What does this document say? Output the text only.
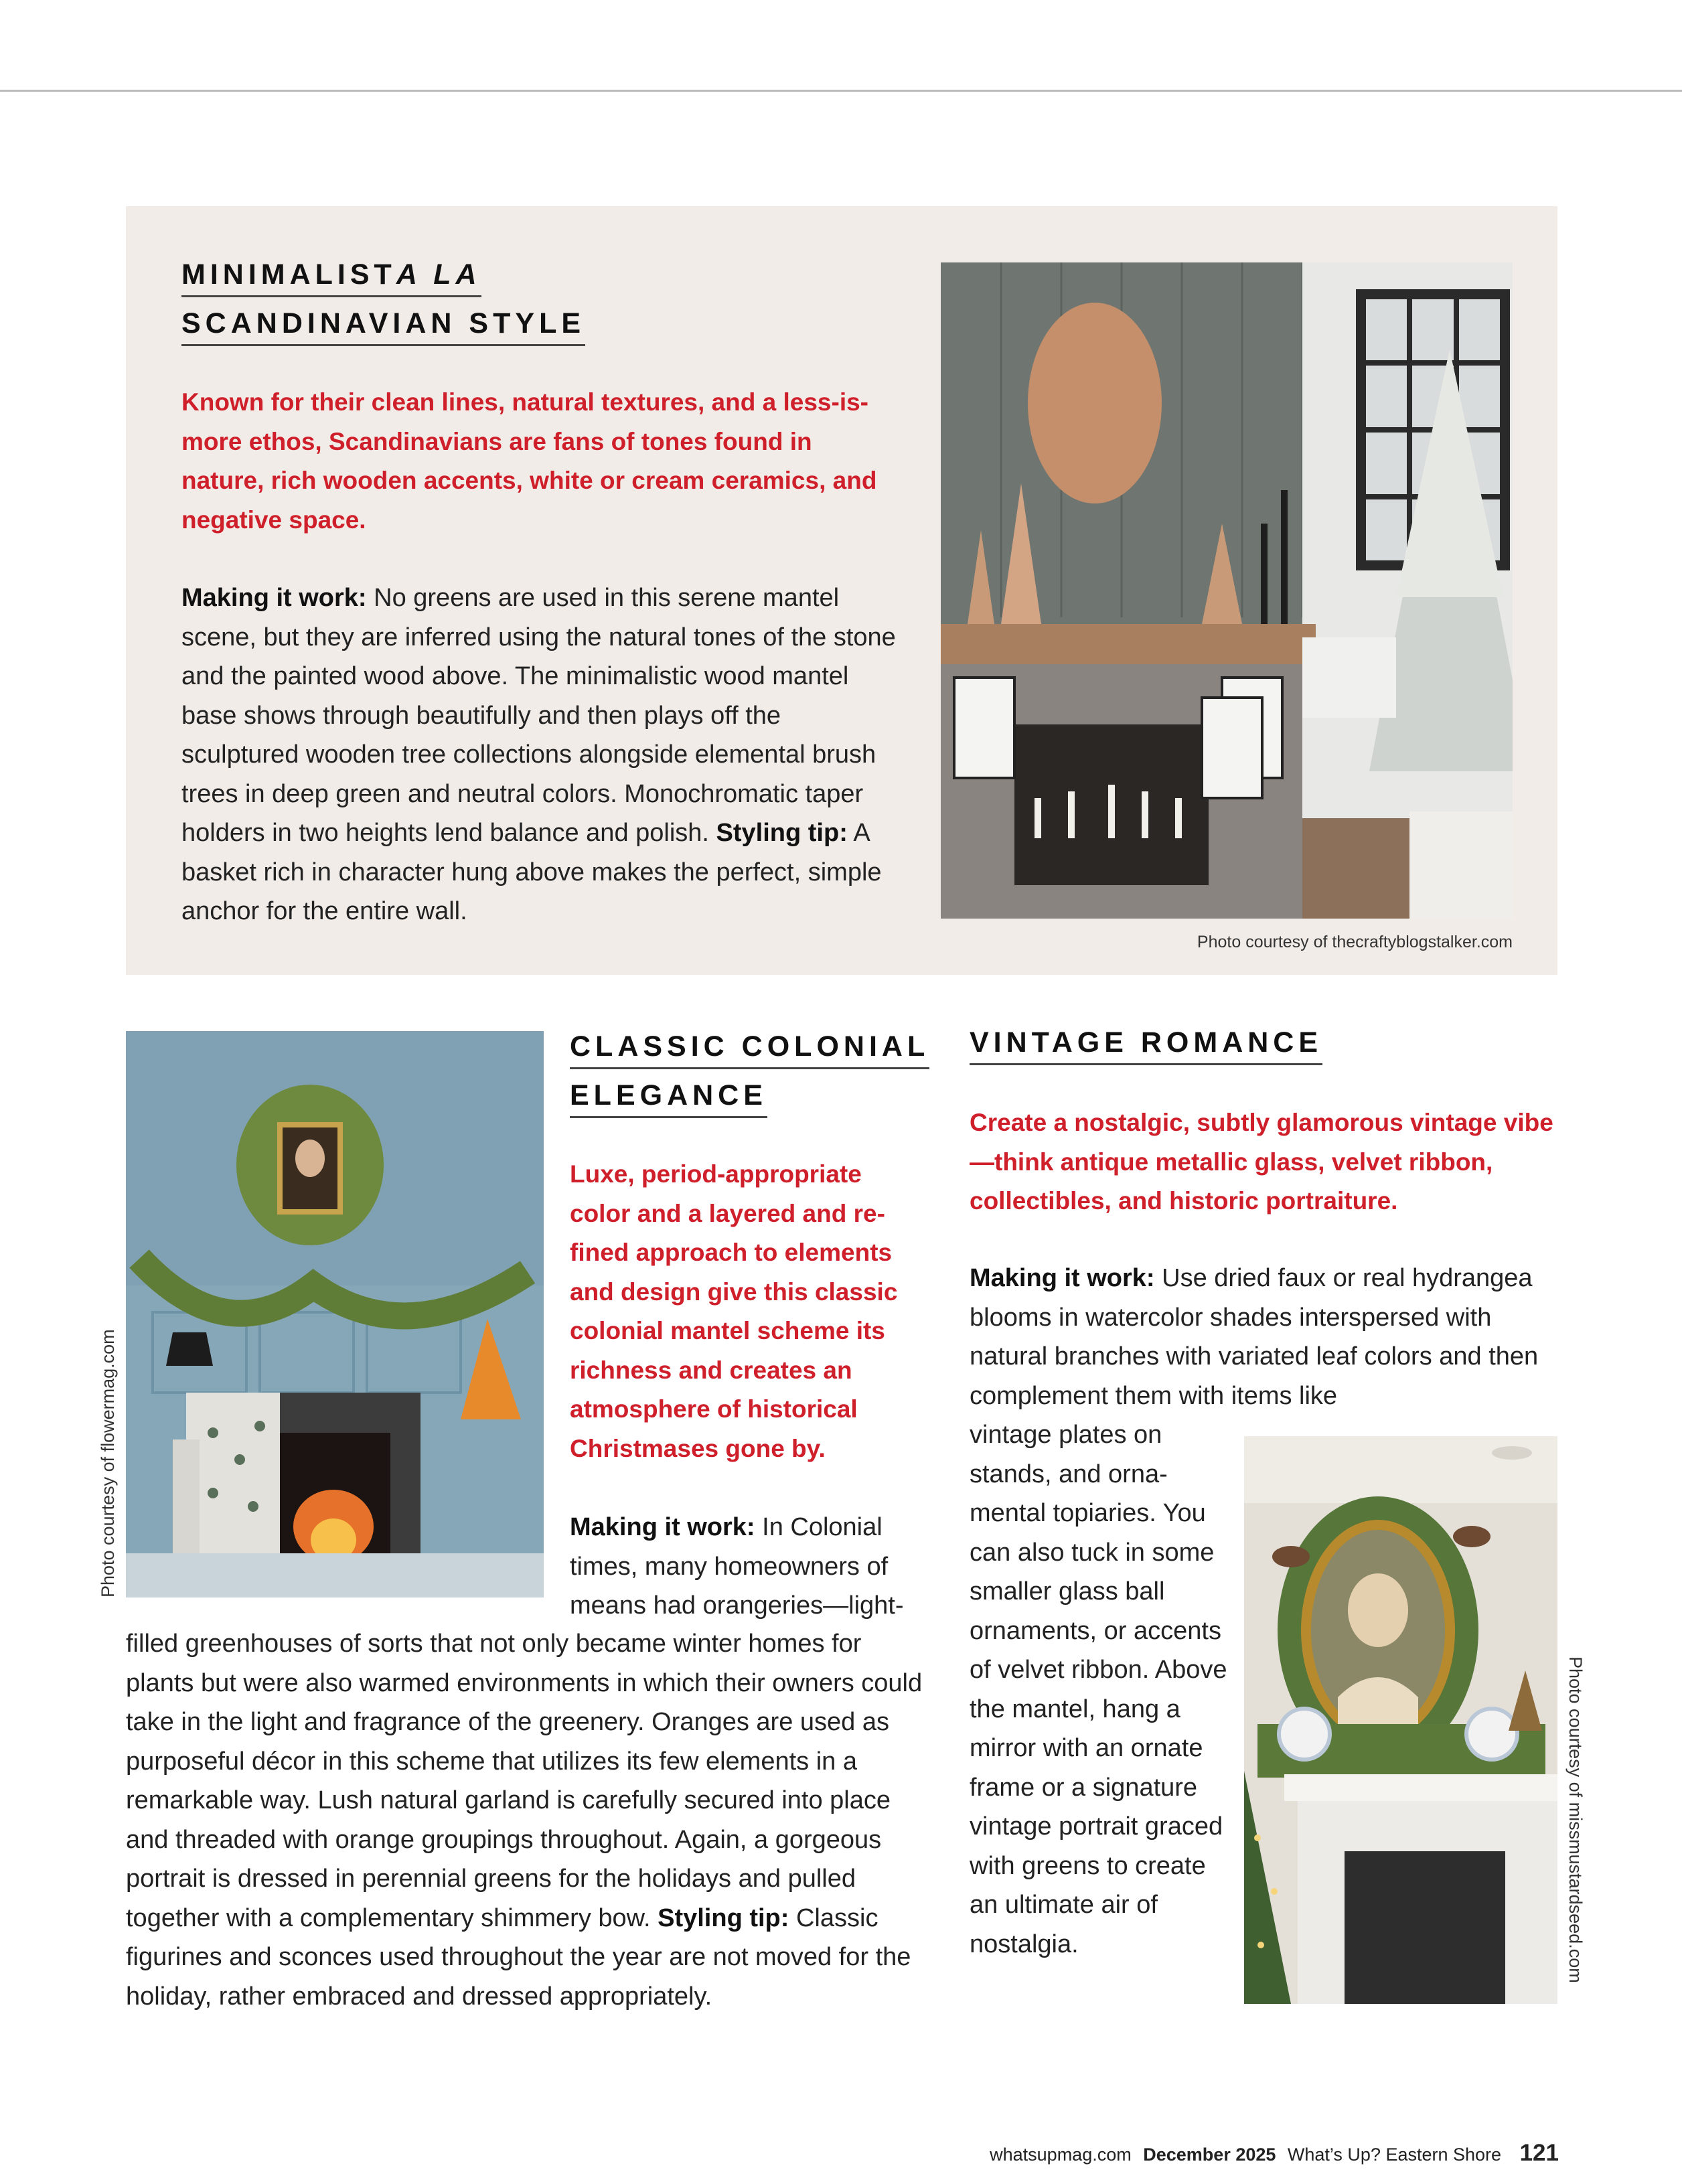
MINIMALISTA LA
SCANDINAVIAN STYLE
Known for their clean lines, natural textures, and a less-is-more ethos, Scandinavians are fans of tones found in nature, rich wooden accents, white or cream ceramics, and negative space.
Making it work: No greens are used in this serene mantel scene, but they are inferred using the natural tones of the stone and the painted wood above. The minimalistic wood mantel base shows through beautifully and then plays off the sculptured wooden tree collections alongside elemental brush trees in deep green and neutral colors. Monochromatic taper holders in two heights lend balance and polish. Styling tip: A basket rich in character hung above makes the perfect, simple anchor for the entire wall.
Photo courtesy of thecraftyblogstalker.com
Photo courtesy of flowermag.com
CLASSIC COLONIAL
ELEGANCE
Luxe, period-appropriate color and a layered and refined approach to elements and design give this classic colonial mantel scheme its richness and creates an atmosphere of historical Christmases gone by.
Making it work: In Colonial times, many homeowners of means had orangeries—light-
filled greenhouses of sorts that not only became winter homes for plants but were also warmed environments in which their owners could take in the light and fragrance of the greenery. Oranges are used as purposeful décor in this scheme that utilizes its few elements in a remarkable way. Lush natural garland is carefully secured into place and threaded with orange groupings throughout. Again, a gorgeous portrait is dressed in perennial greens for the holidays and pulled together with a complementary shimmery bow. Styling tip: Classic figurines and sconces used throughout the year are not moved for the holiday, rather embraced and dressed appropriately.
VINTAGE ROMANCE
Create a nostalgic, subtly glamorous vintage vibe—think antique metallic glass, velvet ribbon, collectibles, and historic portraiture.
Making it work: Use dried faux or real hydrangea blooms in watercolor shades interspersed with natural branches with variated leaf colors and then complement them with items like
vintage plates on stands, and ornamental topiaries. You can also tuck in some smaller glass ball ornaments, or accents of velvet ribbon. Above the mantel, hang a mirror with an ornate frame or a signature vintage portrait graced with greens to create an ultimate air of nostalgia.	Photo courtesy of missmustardseed.com
whatsupmag.com December 2025 What’s Up? Eastern Shore 121
